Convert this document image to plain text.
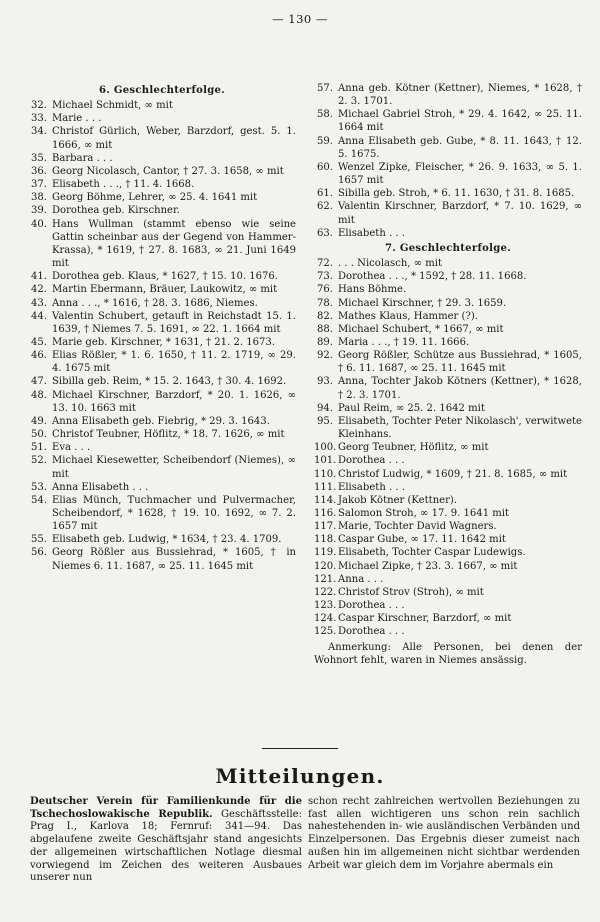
— 130 —
6. Geschlechterfolge.
32. Michael Schmidt, ∞ mit
33. Marie . . .
34. Christof Gürlich, Weber, Barzdorf, gest. 5. 1. 1666, ∞ mit
35. Barbara . . .
36. Georg Nicolasch, Cantor, † 27. 3. 1658, ∞ mit
37. Elisabeth . . ., † 11. 4. 1668.
38. Georg Böhme, Lehrer, ∞ 25. 4. 1641 mit
39. Dorothea geb. Kirschner.
40. Hans Wullman (stammt ebenso wie seine Gattin scheinbar aus der Gegend von Hammer-Krassa), * 1619, † 27. 8. 1683, ∞ 21. Juni 1649 mit
41. Dorothea geb. Klaus, * 1627, † 15. 10. 1676.
42. Martin Ebermann, Bräuer, Laukowitz, ∞ mit
43. Anna . . ., * 1616, † 28. 3. 1686, Niemes.
44. Valentin Schubert, getauft in Reichstadt 15. 1. 1639, † Niemes 7. 5. 1691, ∞ 22. 1. 1664 mit
45. Marie geb. Kirschner, * 1631, † 21. 2. 1673.
46. Elias Rößler, * 1. 6. 1650, † 11. 2. 1719, ∞ 29. 4. 1675 mit
47. Sibilla geb. Reim, * 15. 2. 1643, † 30. 4. 1692.
48. Michael Kirschner, Barzdorf, * 20. 1. 1626, ∞ 13. 10. 1663 mit
49. Anna Elisabeth geb. Fiebrig, * 29. 3. 1643.
50. Christof Teubner, Höflitz, * 18. 7. 1626, ∞ mit
51. Eva . . .
52. Michael Kiesewetter, Scheibendorf (Niemes), ∞ mit
53. Anna Elisabeth . . .
54. Elias Münch, Tuchmacher und Pulvermacher, Scheibendorf, * 1628, † 19. 10. 1692, ∞ 7. 2. 1657 mit
55. Elisabeth geb. Ludwig, * 1634, † 23. 4. 1709.
56. Georg Rößler aus Bussiehrad, * 1605, † in Niemes 6. 11. 1687, ∞ 25. 11. 1645 mit
57. Anna geb. Kötner (Kettner), Niemes, * 1628, † 2. 3. 1701.
58. Michael Gabriel Stroh, * 29. 4. 1642, ∞ 25. 11. 1664 mit
59. Anna Elisabeth geb. Gube, * 8. 11. 1643, † 12. 5. 1675.
60. Wenzel Zipke, Fleischer, * 26. 9. 1633, ∞ 5. 1. 1657 mit
61. Sibilla geb. Stroh, * 6. 11. 1630, † 31. 8. 1685.
62. Valentin Kirschner, Barzdorf, * 7. 10. 1629, ∞ mit
63. Elisabeth . . .
7. Geschlechterfolge.
72. . . . Nicolasch, ∞ mit
73. Dorothea . . ., * 1592, † 28. 11. 1668.
76. Hans Böhme.
78. Michael Kirschner, † 29. 3. 1659.
82. Mathes Klaus, Hammer (?).
88. Michael Schubert, * 1667, ∞ mit
89. Maria . . ., † 19. 11. 1666.
92. Georg Rößler, Schütze aus Bussiehrad, * 1605, † 6. 11. 1687, ∞ 25. 11. 1645 mit
93. Anna, Tochter Jakob Kötners (Kettner), * 1628, † 2. 3. 1701.
94. Paul Reim, ∞ 25. 2. 1642 mit
95. Elisabeth, Tochter Peter Nikolasch', verwitwete Kleinhans.
100. Georg Teubner, Höflitz, ∞ mit
101. Dorothea . . .
110. Christof Ludwig, * 1609, † 21. 8. 1685, ∞ mit
111. Elisabeth . . .
114. Jakob Kötner (Kettner).
116. Salomon Stroh, ∞ 17. 9. 1641 mit
117. Marie, Tochter David Wagners.
118. Caspar Gube, ∞ 17. 11. 1642 mit
119. Elisabeth, Tochter Caspar Ludewigs.
120. Michael Zipke, † 23. 3. 1667, ∞ mit
121. Anna . . .
122. Christof Strov (Stroh), ∞ mit
123. Dorothea . . .
124. Caspar Kirschner, Barzdorf, ∞ mit
125. Dorothea . . .
Anmerkung: Alle Personen, bei denen der Wohnort fehlt, waren in Niemes ansässig.
Mitteilungen.
Deutscher Verein für Familienkunde für die Tschechoslowakische Republik. Geschäftsstelle: Prag I., Karlova 18; Fernruf: 341—94. Das abgelaufene zweite Geschäftsjahr stand angesichts der allgemeinen wirtschaftlichen Notlage diesmal vorwiegend im Zeichen des weiteren Ausbaues unserer nun
schon recht zahlreichen wertvollen Beziehungen zu fast allen wichtigeren uns schon rein sachlich nahestehenden in- wie ausländischen Verbänden und Einzelpersonen. Das Ergebnis dieser zumeist nach außen hin im allgemeinen nicht sichtbar werdenden Arbeit war gleich dem im Vorjahre abermals ein
